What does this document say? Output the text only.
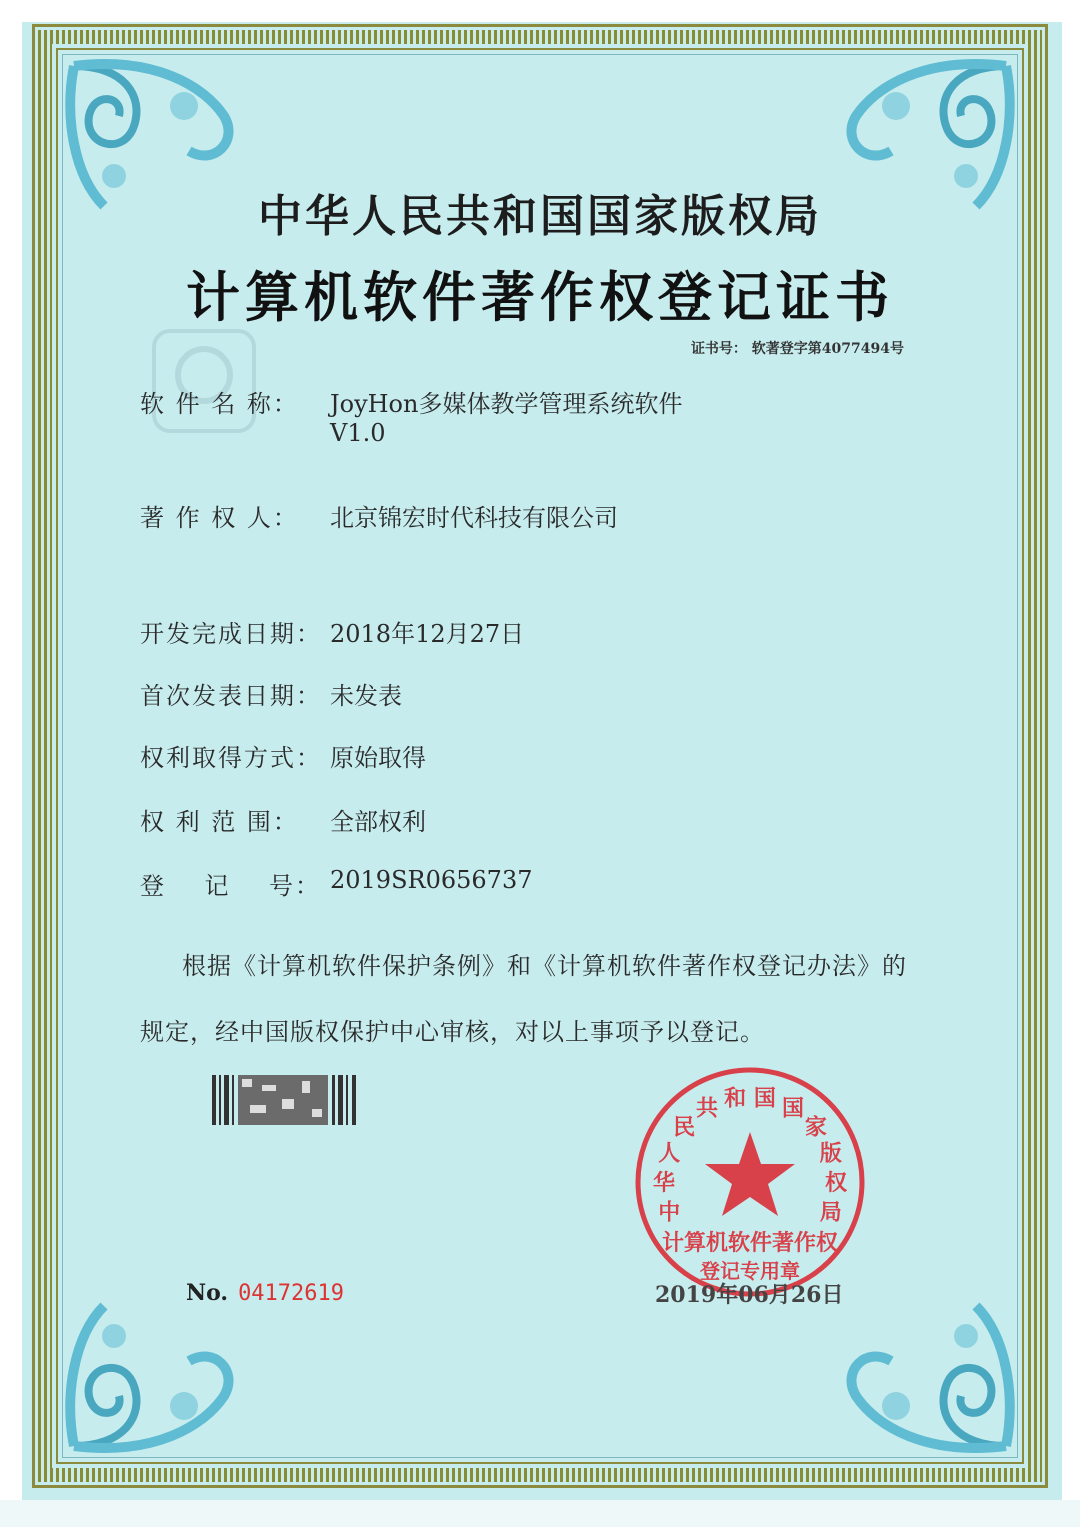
中华人民共和国国家版权局
计算机软件著作权登记证书
证书号： 软著登字第4077494号
软 件 名 称： JoyHon多媒体教学管理系统软件
V1.0
著 作 权 人： 北京锦宏时代科技有限公司
开发完成日期： 2018年12月27日
首次发表日期： 未发表
权利取得方式： 原始取得
权 利 范 围： 全部权利
登    记    号： 2019SR0656737
根据《计算机软件保护条例》和《计算机软件著作权登记办法》的
规定，经中国版权保护中心审核，对以上事项予以登记。
中华人民共 和 国 国家版权局
计算机软件著作权
登记专用章
No. 04172619	2019年06月26日
